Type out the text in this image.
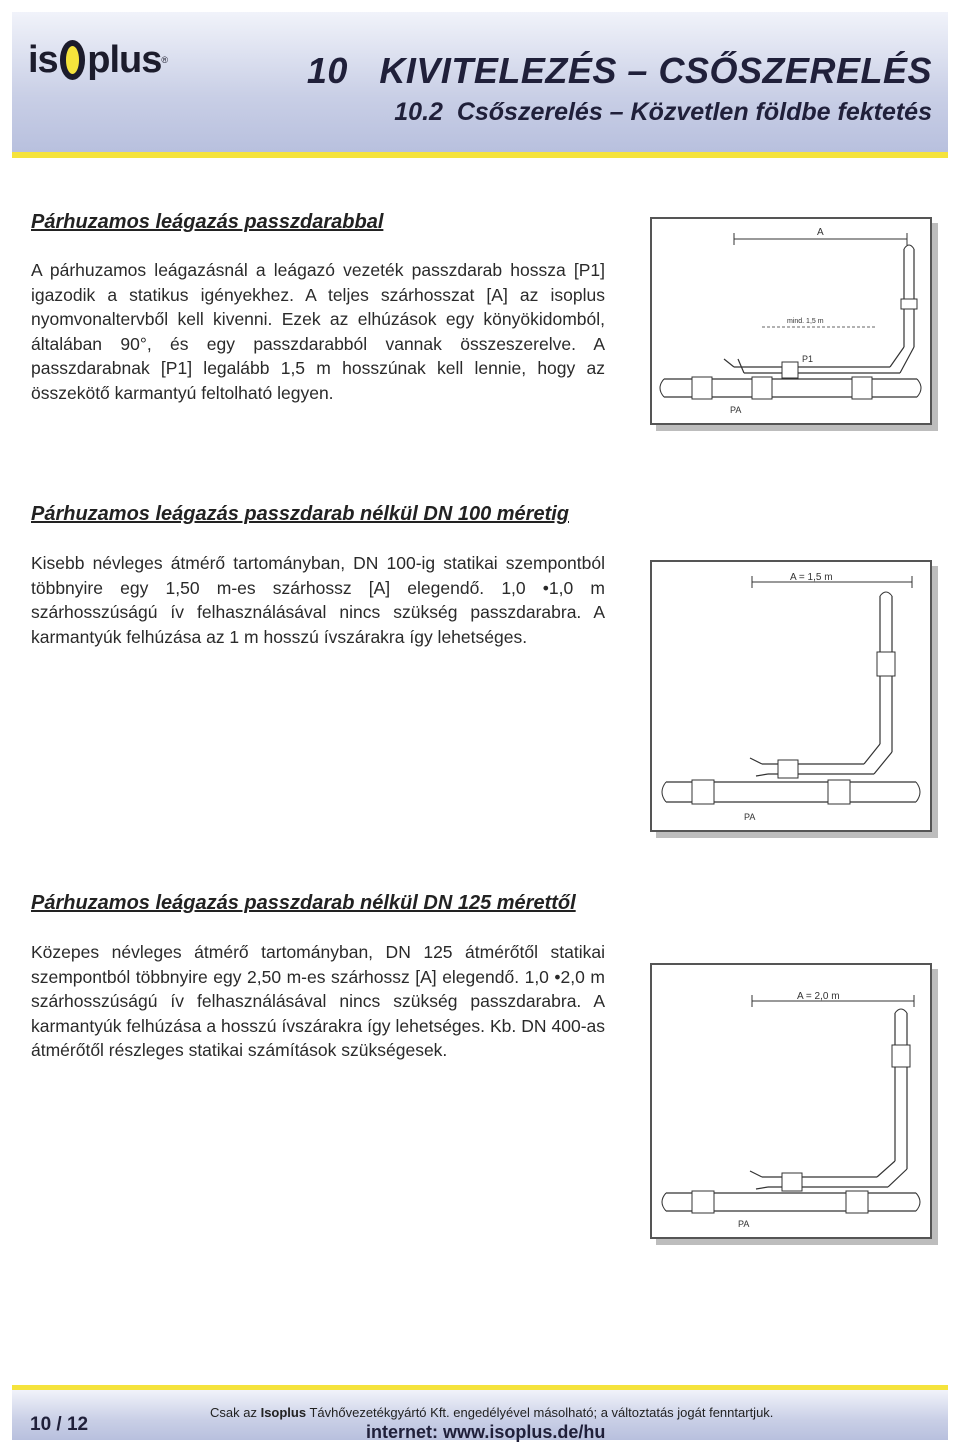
is plus ®	10   KIVITELEZÉS – CSŐSZERELÉS
10.2  Csőszerelés – Közvetlen földbe fektetés
Párhuzamos leágazás passzdarabbal
A párhuzamos leágazásnál a leágazó vezeték passzdarab hossza [P1] igazodik a statikus igényekhez. A teljes szárhosszat [A] az isoplus nyomvonaltervből kell kivenni. Ezek az elhúzások egy könyökidomból, általában 90°, és egy passzdarabból vannak összeszerelve. A passzdarabnak [P1] legalább 1,5 m hosszúnak kell lennie, hogy az összekötő karmantyú feltolható legyen.
A
mind. 1,5 m
P1
PA
Párhuzamos leágazás passzdarab nélkül DN 100 méretig
Kisebb névleges átmérő tartományban, DN 100-ig statikai szempontból többnyire egy 1,50 m-es szárhossz [A] elegendő. 1,0 •1,0 m szárhosszúságú ív felhasználásával nincs szükség passzdarabra. A karmantyúk felhúzása az 1 m hosszú ívszárakra így lehetséges.
A = 1,5 m
PA
Párhuzamos leágazás passzdarab nélkül DN 125 mérettől
Közepes névleges átmérő tartományban, DN 125 átmérőtől statikai szempontból többnyire egy 2,50 m-es szárhossz [A] elegendő. 1,0 •2,0 m szárhosszúságú ív felhasználásával nincs szükség passzdarabra. A karmantyúk felhúzása a hosszú ívszárakra így lehetséges. Kb. DN 400-as átmérőtől részleges statikai számítások szükségesek.
A = 2,0 m
PA
10 / 12
Csak az Isoplus Távhővezetékgyártó Kft. engedélyével másolható; a változtatás jogát fenntartjuk.
internet: www.isoplus.de/hu
